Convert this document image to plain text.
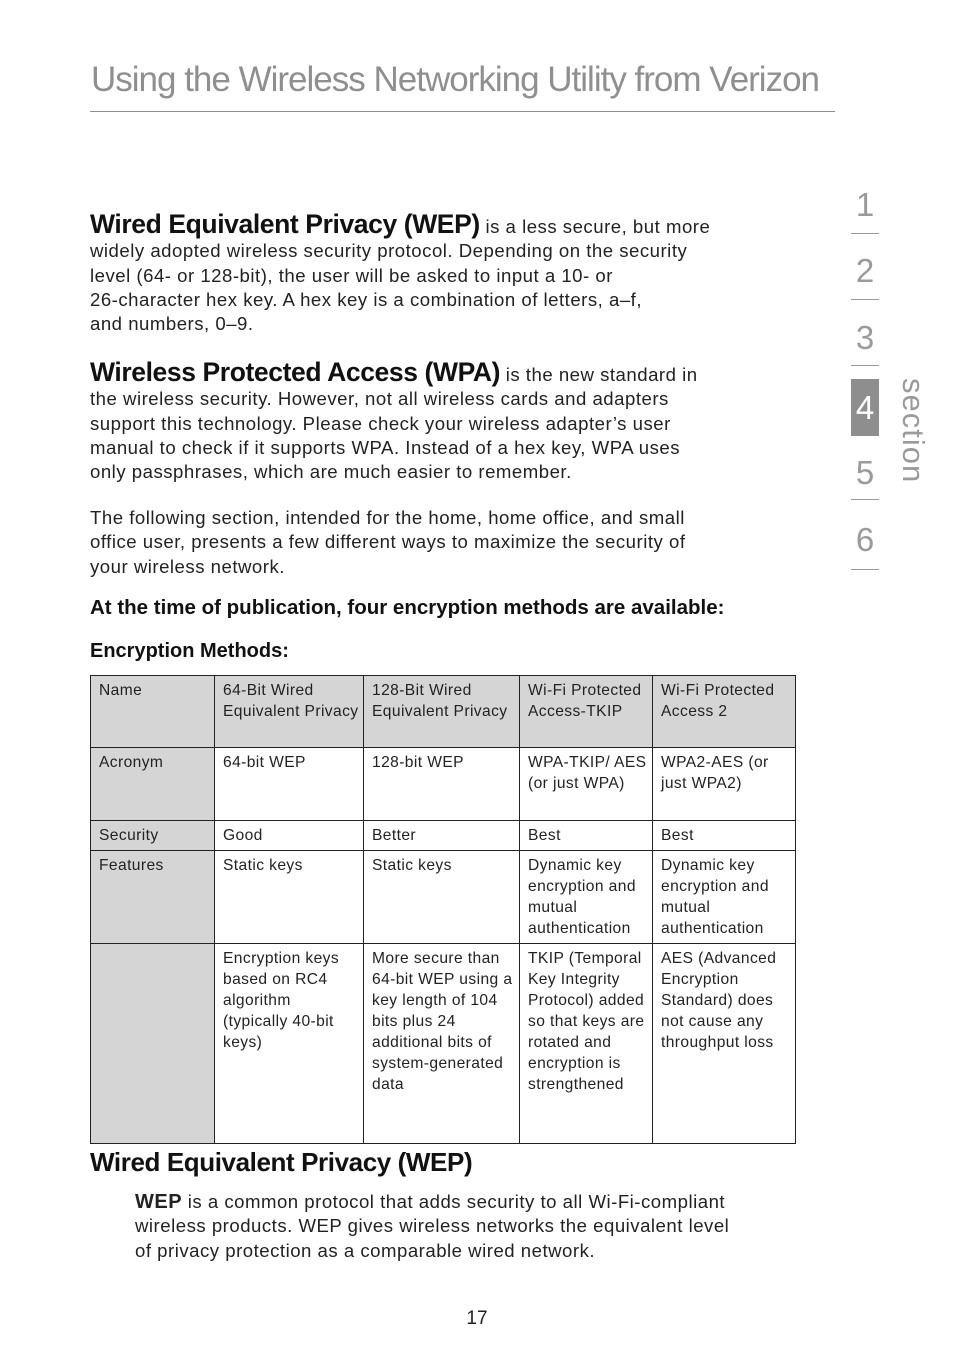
Using the Wireless Networking Utility from Verizon
1
2
3
4
5
6
section
Wired Equivalent Privacy (WEP) is a less secure, but more
widely adopted wireless security protocol. Depending on the security
level (64- or 128-bit), the user will be asked to input a 10- or
26-character hex key. A hex key is a combination of letters, a–f,
and numbers, 0–9.
Wireless Protected Access (WPA) is the new standard in
the wireless security. However, not all wireless cards and adapters
support this technology. Please check your wireless adapter’s user
manual to check if it supports WPA. Instead of a hex key, WPA uses
only passphrases, which are much easier to remember.
The following section, intended for the home, home office, and small
office user, presents a few different ways to maximize the security of
your wireless network.
At the time of publication, four encryption methods are available:
Encryption Methods:
Name	64-Bit Wired Equivalent Privacy	128-Bit Wired Equivalent Privacy	Wi-Fi Protected Access-TKIP	Wi-Fi Protected Access 2
Acronym	64-bit WEP	128-bit WEP	WPA-TKIP/ AES (or just WPA)	WPA2-AES (or just WPA2)
Security	Good	Better	Best	Best
Features	Static keys	Static keys	Dynamic key encryption and mutual authentication	Dynamic key encryption and mutual authentication
	Encryption keys based on RC4 algorithm (typically 40-bit keys)	More secure than 64-bit WEP using a key length of 104 bits plus 24 additional bits of system-generated data	TKIP (Temporal Key Integrity Protocol) added so that keys are rotated and encryption is strengthened	AES (Advanced Encryption Standard) does not cause any throughput loss
Wired Equivalent Privacy (WEP)
WEP is a common protocol that adds security to all Wi-Fi-compliant
wireless products. WEP gives wireless networks the equivalent level
of privacy protection as a comparable wired network.
17
